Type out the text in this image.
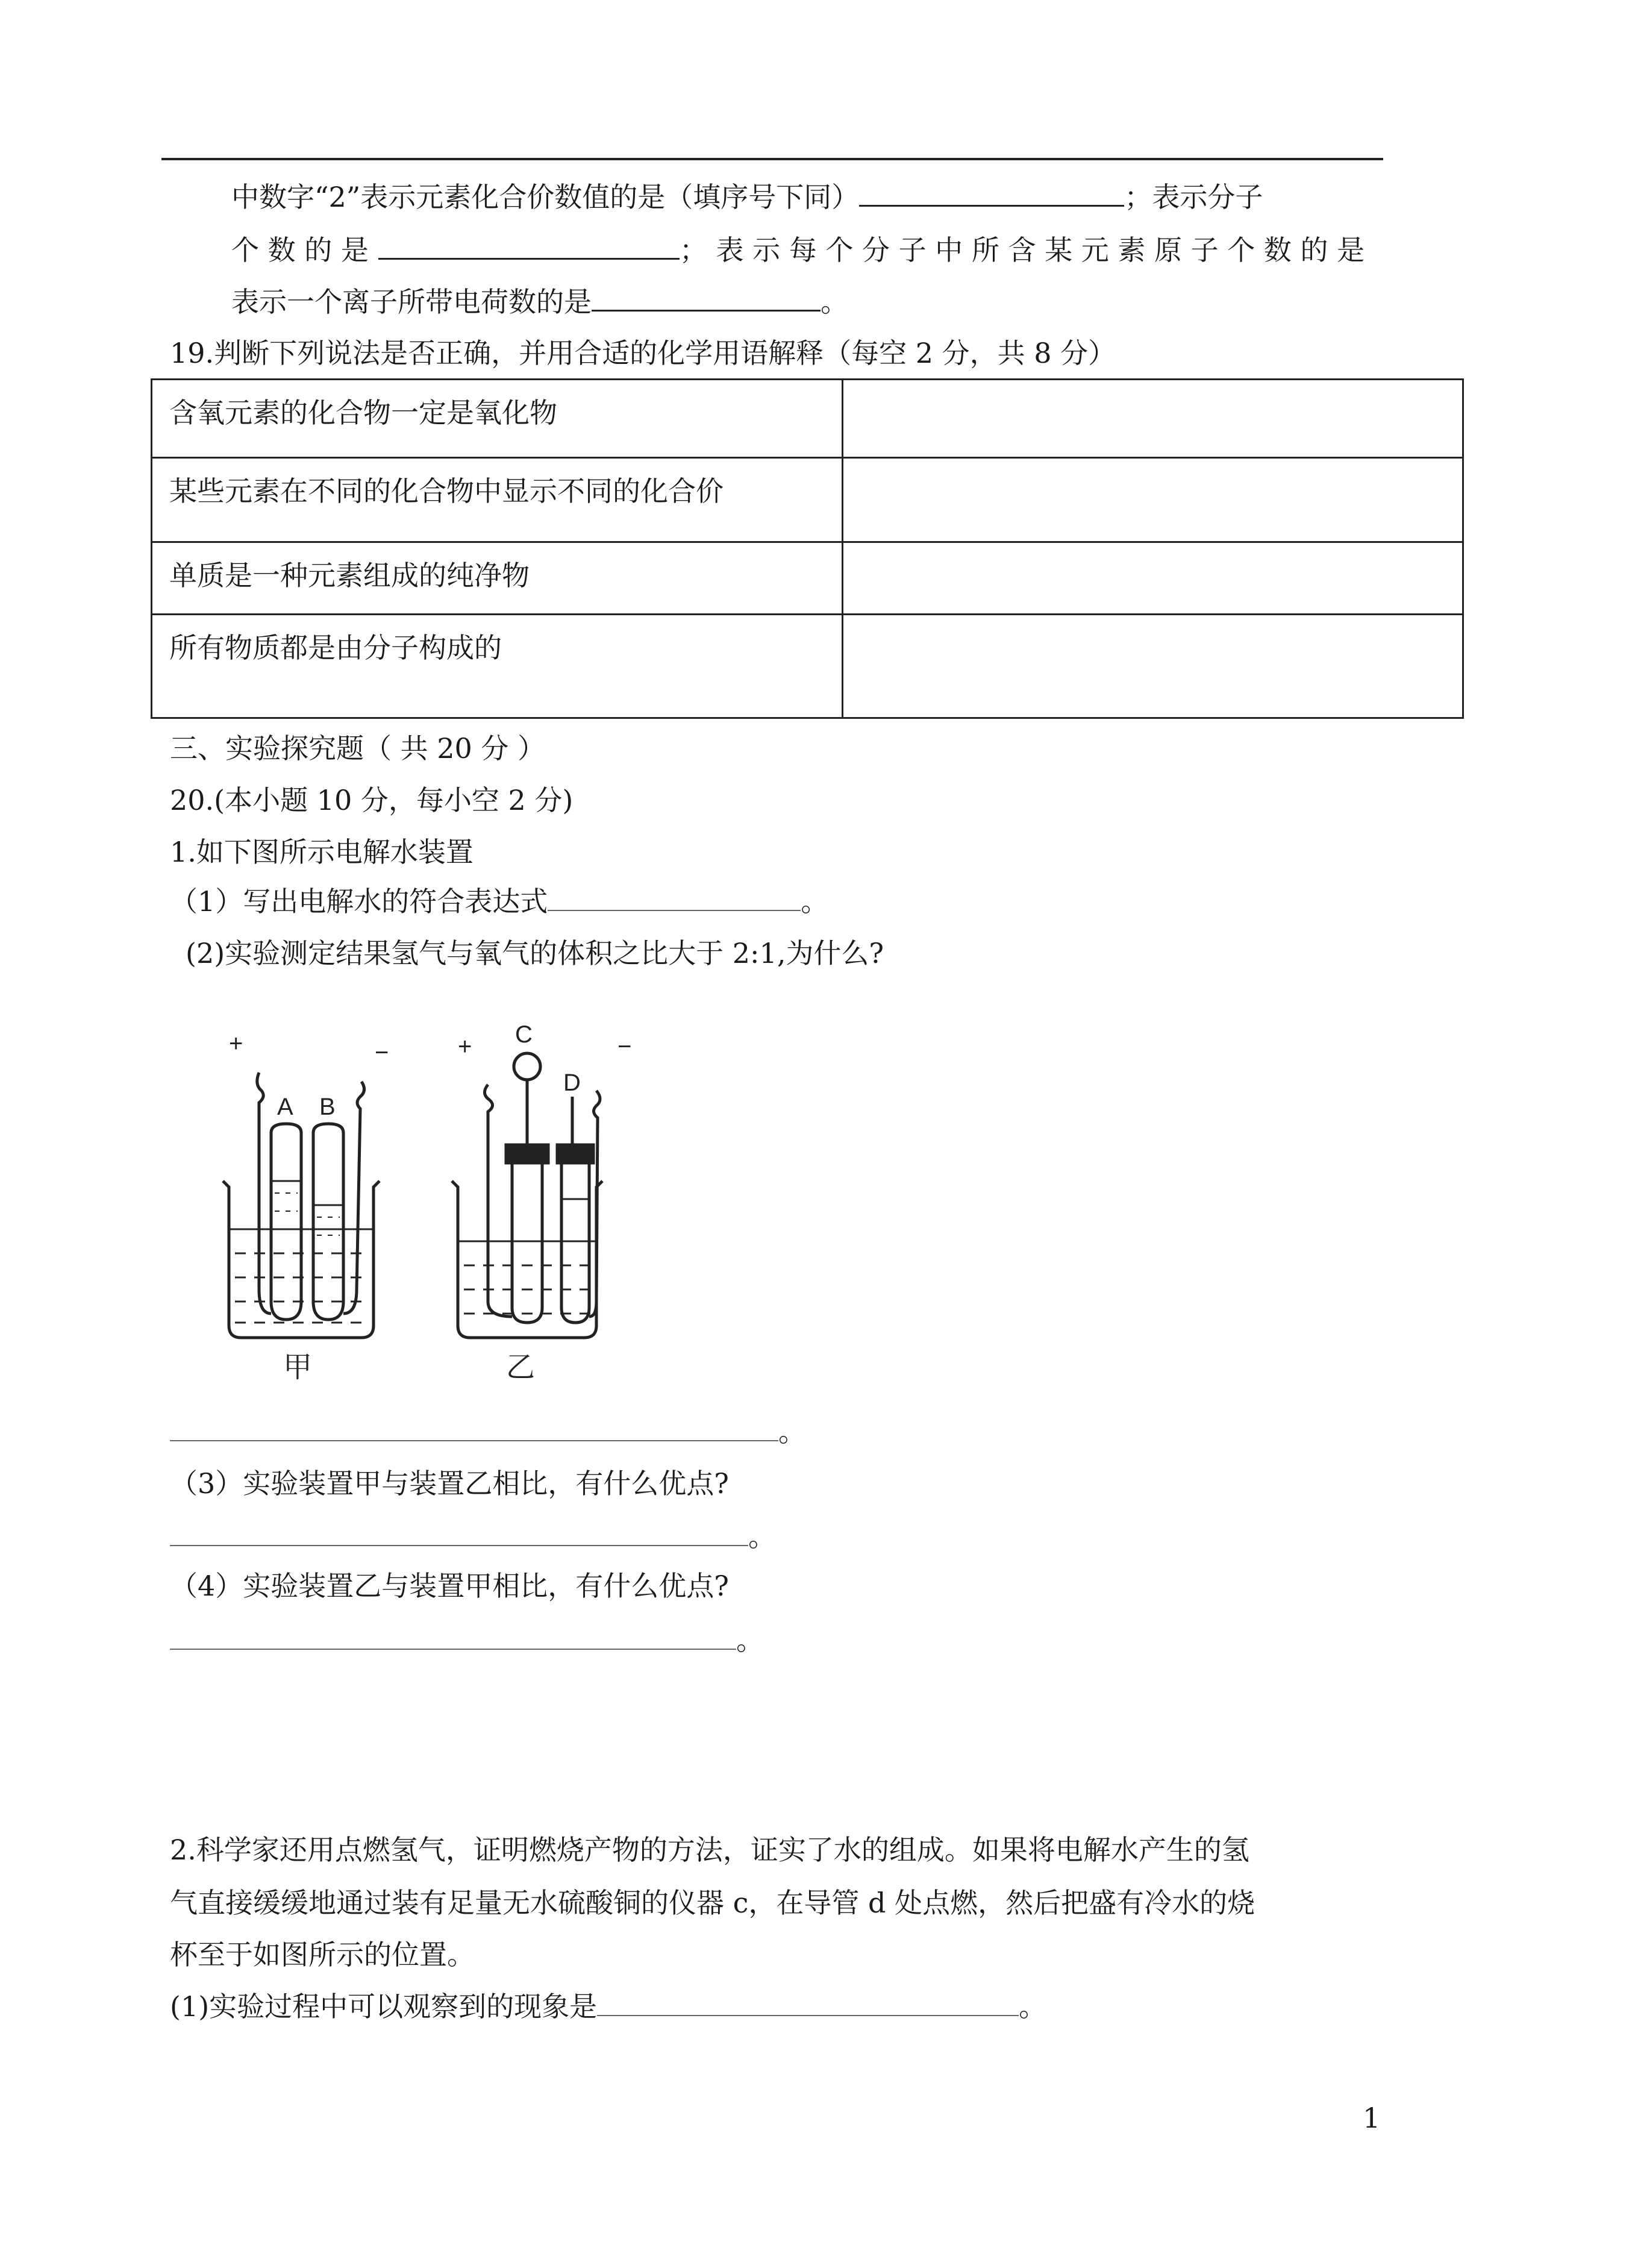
中数字“2”表示元素化合价数值的是（填序号下同）	；表示分子
个 数 的 是	； 表 示 每 个 分 子 中 所 含 某 元 素 原 子 个 数 的 是
表示一个离子所带电荷数的是	。
19.判断下列说法是否正确，并用合适的化学用语解释（每空 2 分，共 8 分）
含氧元素的化合物一定是氧化物	
某些元素在不同的化合物中显示不同的化合价	
单质是一种元素组成的纯净物	
所有物质都是由分子构成的	
三、实验探究题（ 共 20 分 ）
20.(本小题 10 分，每小空 2 分)
1.如下图所示电解水装置
（1）写出电解水的符合表达式	。
(2)实验测定结果氢气与氧气的体积之比大于 2:1,为什么?
+	−
A B
甲
C
D
+	−
乙
。
（3）实验装置甲与装置乙相比，有什么优点?
。
（4）实验装置乙与装置甲相比，有什么优点?
。
2.科学家还用点燃氢气，证明燃烧产物的方法，证实了水的组成。如果将电解水产生的氢
气直接缓缓地通过装有足量无水硫酸铜的仪器 c，在导管 d 处点燃，然后把盛有冷水的烧
杯至于如图所示的位置。
(1)实验过程中可以观察到的现象是	。
1
